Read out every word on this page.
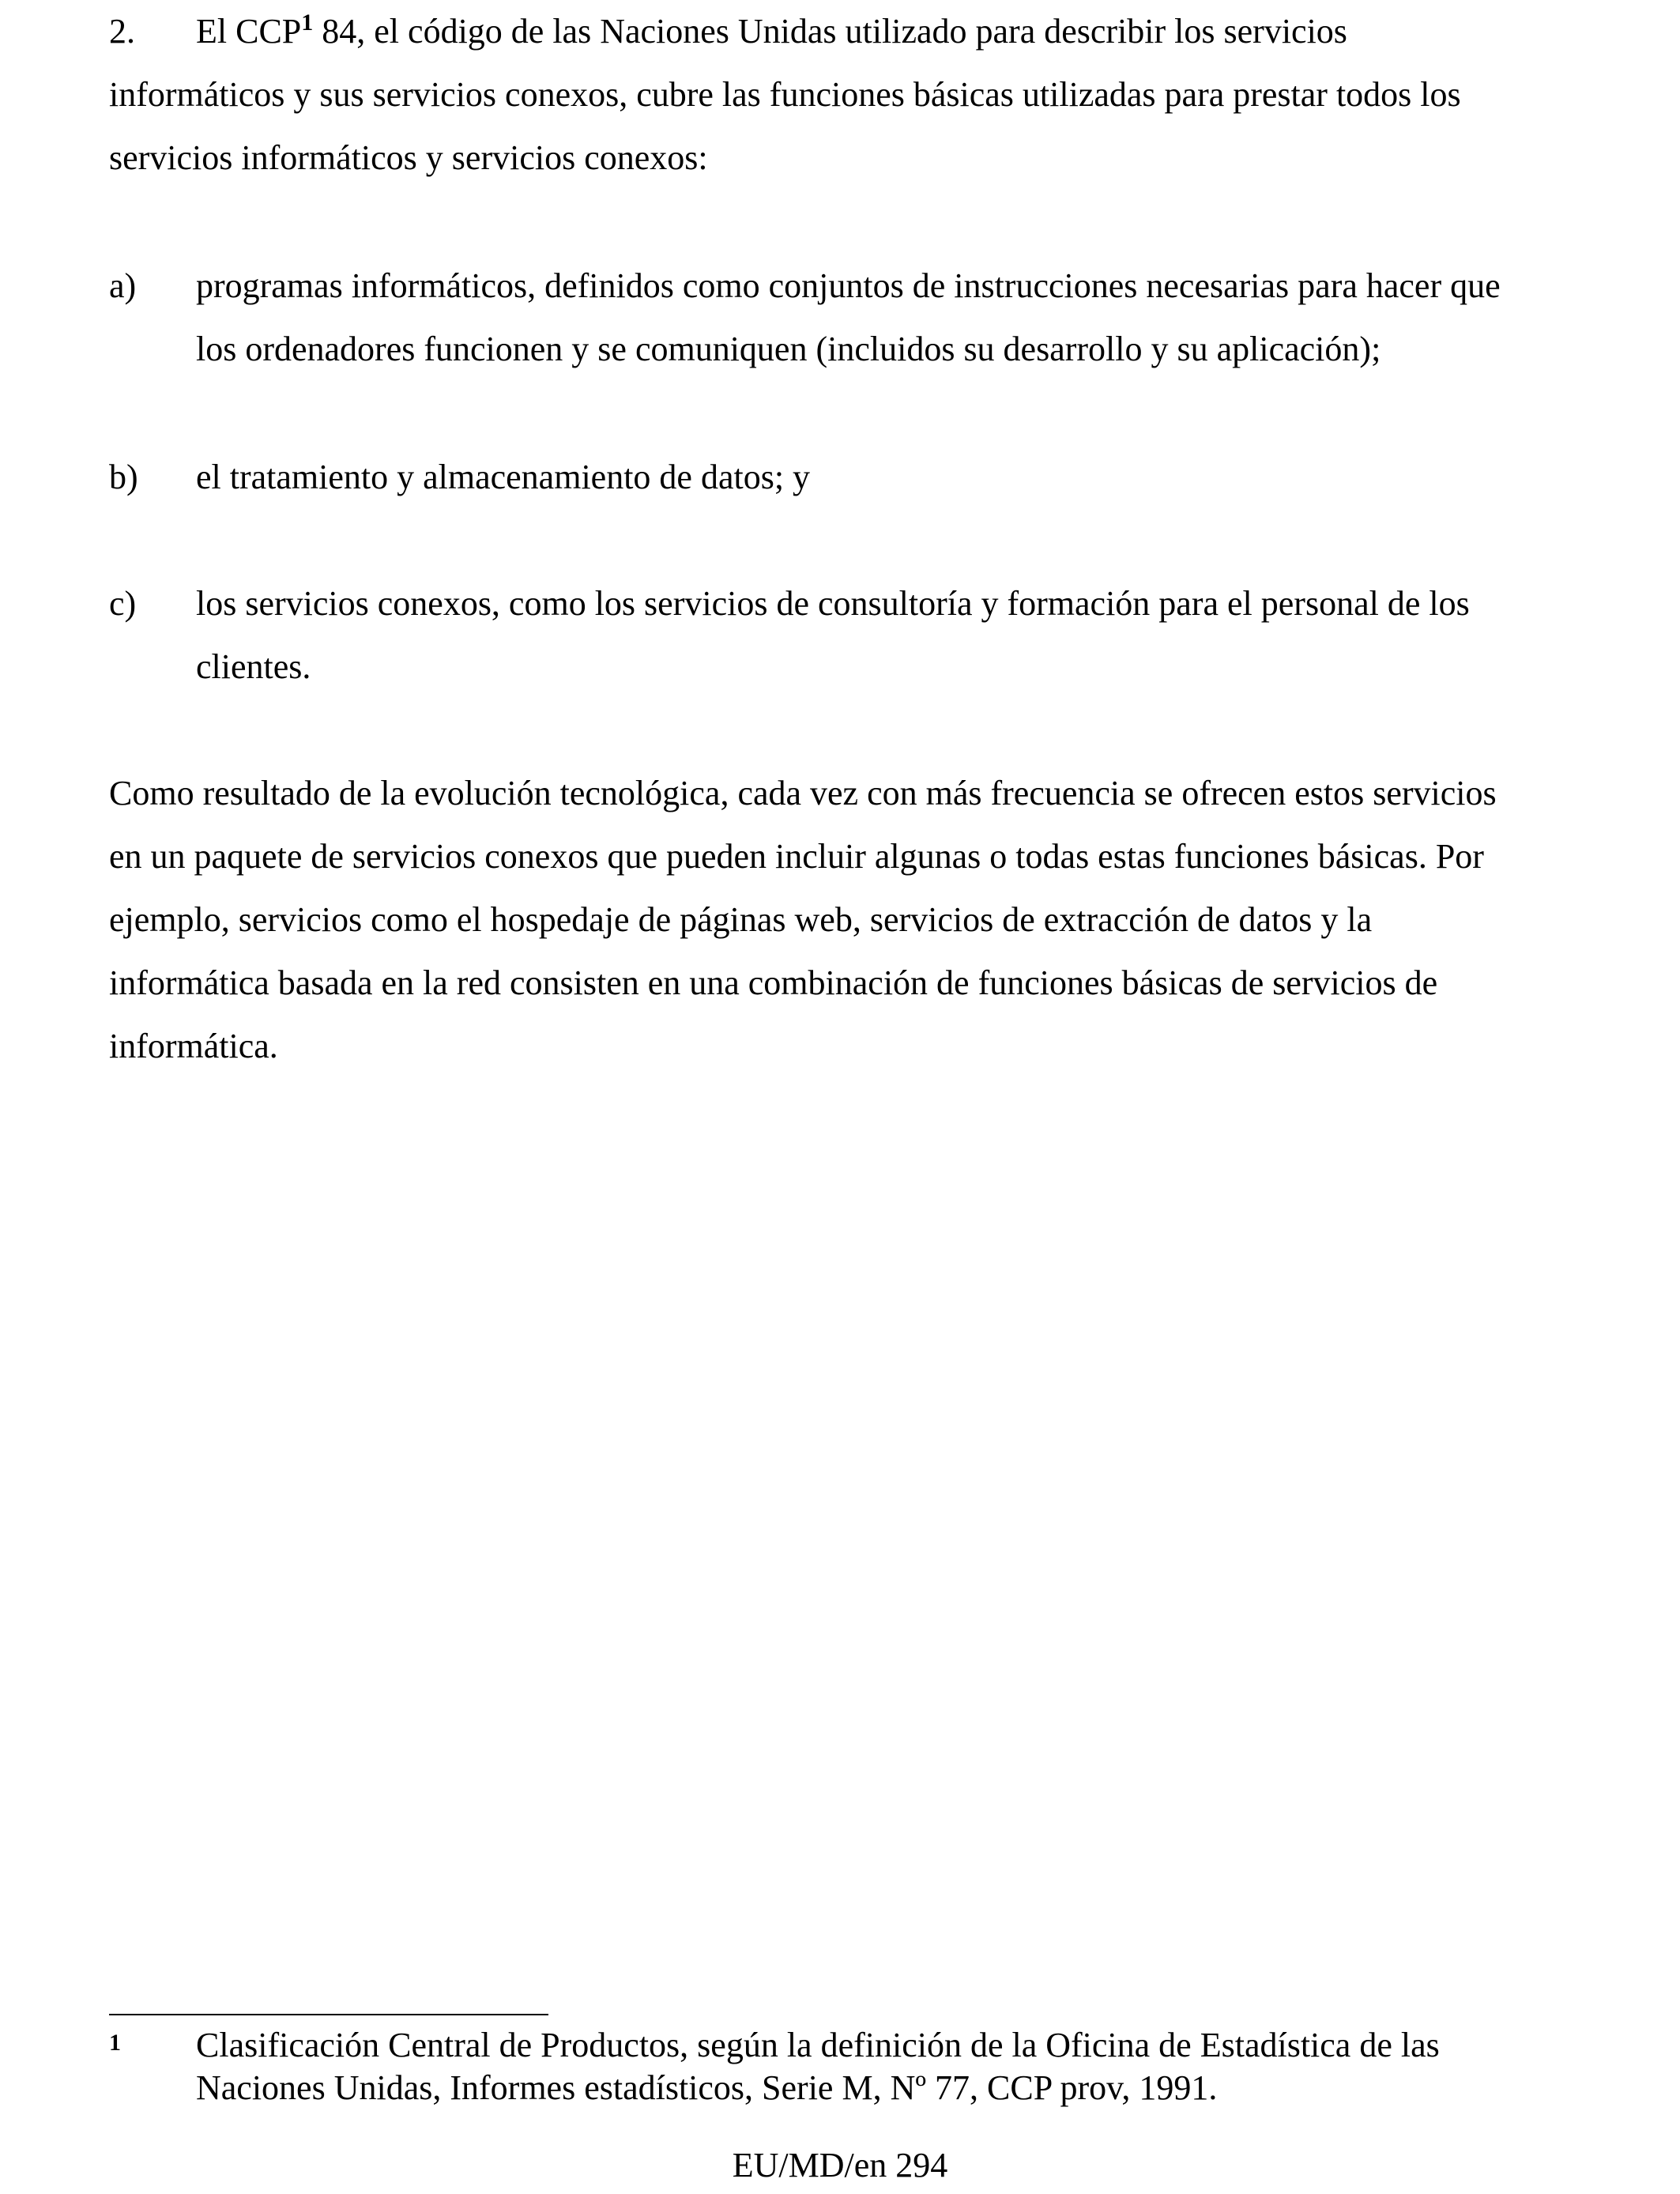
2. El CCP$^1$ 84, el código de las Naciones Unidas utilizado para describir los servicios
informáticos y sus servicios conexos, cubre las funciones básicas utilizadas para prestar todos los
servicios informáticos y servicios conexos:
a) programas informáticos, definidos como conjuntos de instrucciones necesarias para hacer que
los ordenadores funcionen y se comuniquen (incluidos su desarrollo y su aplicación);
b) el tratamiento y almacenamiento de datos; y
c) los servicios conexos, como los servicios de consultoría y formación para el personal de los
clientes.
Como resultado de la evolución tecnológica, cada vez con más frecuencia se ofrecen estos servicios
en un paquete de servicios conexos que pueden incluir algunas o todas estas funciones básicas. Por
ejemplo, servicios como el hospedaje de páginas web, servicios de extracción de datos y la
informática basada en la red consisten en una combinación de funciones básicas de servicios de
informática.
1 Clasificación Central de Productos, según la definición de la Oficina de Estadística de las
Naciones Unidas, Informes estadísticos, Serie M, Nº 77, CCP prov, 1991.
EU/MD/en 294
